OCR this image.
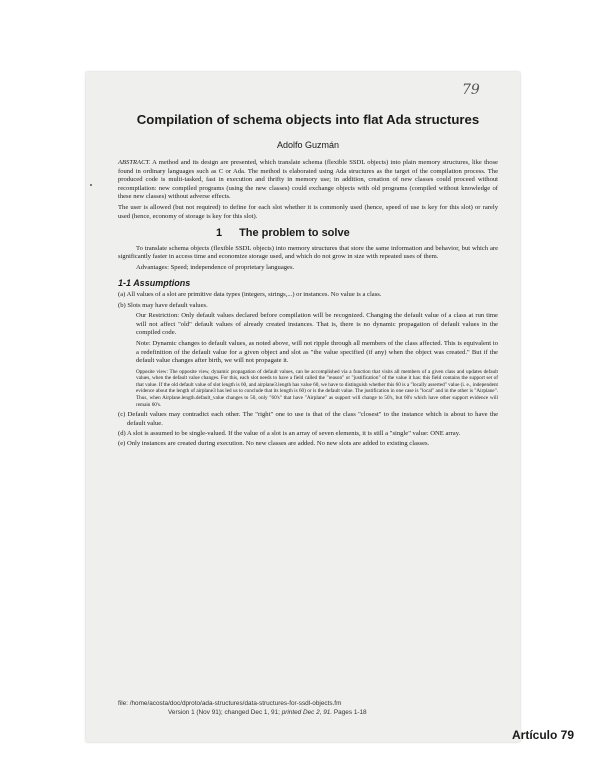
79
Compilation of schema objects into flat Ada structures
Adolfo Guzmán

ABSTRACT. A method and its design are presented, which translate schema (flexible SSDL objects) into plain memory structures, like those found in ordinary languages such as C or Ada. The method is elaborated using Ada structures as the target of the compilation process. The produced code is multi-tasked, fast in execution and thrifty in memory use; in addition, creation of new classes could proceed without recompilation: new compiled programs (using the new classes) could exchange objects with old programs (compiled without knowledge of these new classes) without adverse effects.

The user is allowed (but not required) to define for each slot whether it is commonly used (hence, speed of use is key for this slot) or rarely used (hence, economy of storage is key for this slot).

1 The problem to solve

To translate schema objects (flexible SSDL objects) into memory structures that store the same information and behavior, but which are significantly faster in access time and economize storage used, and which do not grow in size with repeated uses of them.

Advantages: Speed; independence of proprietary languages.

1-1 Assumptions

(a) All values of a slot are primitive data types (integers, strings,...) or instances. No value is a class.

(b) Slots may have default values.

Our Restriction: Only default values declared before compilation will be recognized. Changing the default value of a class at run time will not affect "old" default values of already created instances. That is, there is no dynamic propagation of default values in the compiled code.

Note: Dynamic changes to default values, as noted above, will not ripple through all members of the class affected. This is equivalent to a redefinition of the default value for a given object and slot as "the value specified (if any) when the object was created." But if the default value changes after birth, we will not propagate it.

Opposite view: The opposite view, dynamic propagation of default values, can be accomplished via a function that visits all members of a given class and updates default values, when the default value changes. For this, each slot needs to have a field called the "reason" or "justification" of the value it has: this field contains the support set of that value. If the old default value of slot length is 60, and airplane3.length has value 60, we have to distinguish whether this 60 is a "locally asserted" value (i. e., independent evidence about the length of airplane3 has led us to conclude that its length is 60) or is the default value. The justification in one case is "local" and in the other is "Airplane". Thus, when Airplane.length.default_value changes to 50, only "60's" that have "Airplane" as support will change to 50's, but 60's which have other support evidence will remain 60's.

(c) Default values may contradict each other. The "right" one to use is that of the class "closest" to the instance which is about to have the default value.

(d) A slot is assumed to be single-valued. If the value of a slot is an array of seven elements, it is still a "single" value: ONE array.

(e) Only instances are created during execution. No new classes are added. No new slots are added to existing classes.

file: /home/acosta/doc/dproto/ada-structures/data-structures-for-ssdl-objects.fm

Version 1 (Nov 91); changed Dec 1, 91; printed Dec 2, 91. Pages 1-18

Artículo 79
